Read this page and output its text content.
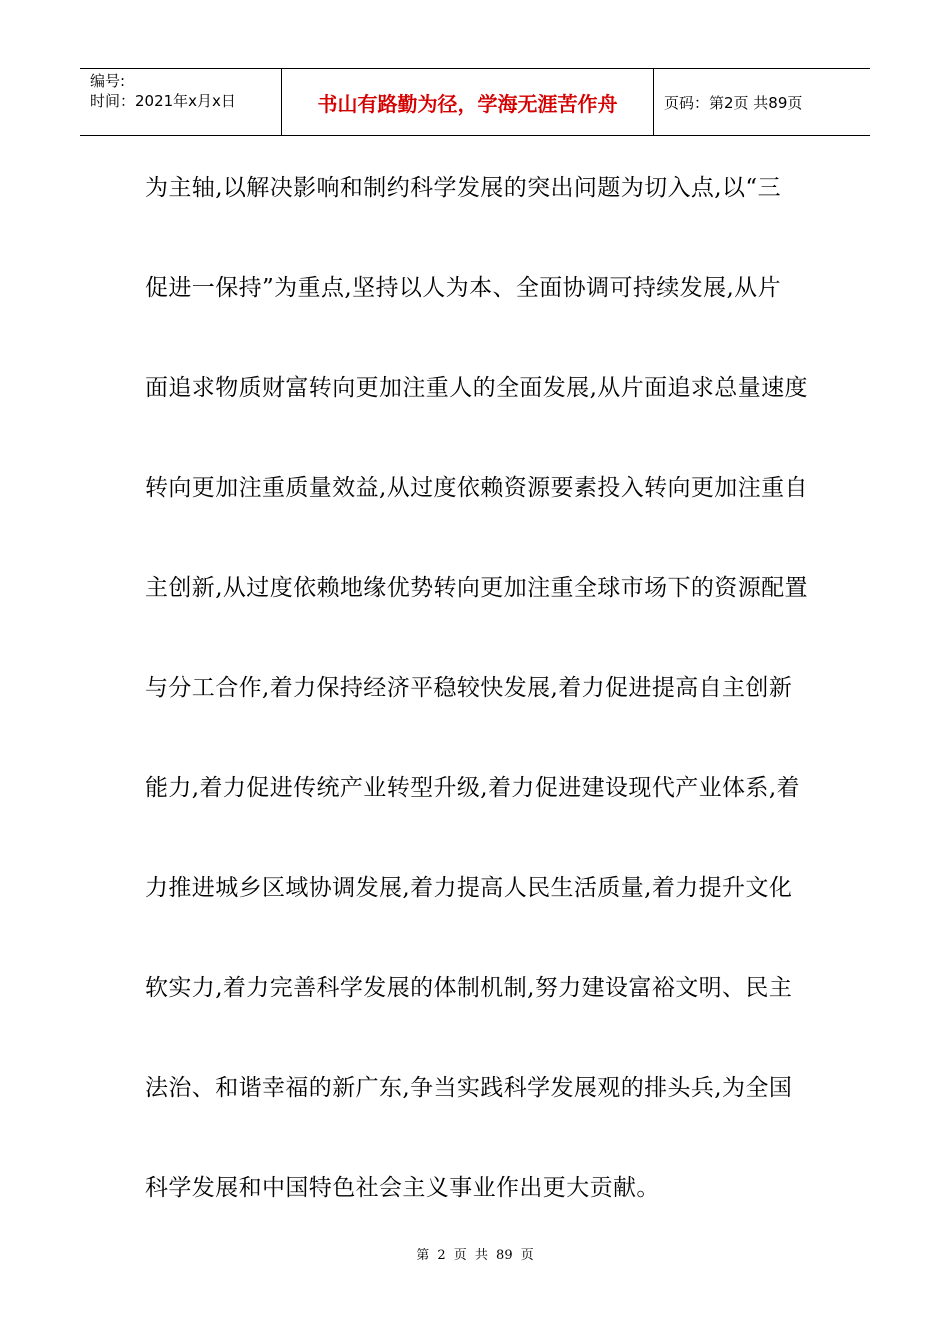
编号:
时间：2021年x月x日	书山有路勤为径，学海无涯苦作舟	页码：第2页 共89页
为主轴,以解决影响和制约科学发展的突出问题为切入点,以“三
促进一保持”为重点,坚持以人为本、全面协调可持续发展,从片
面追求物质财富转向更加注重人的全面发展,从片面追求总量速度
转向更加注重质量效益,从过度依赖资源要素投入转向更加注重自
主创新,从过度依赖地缘优势转向更加注重全球市场下的资源配置
与分工合作,着力保持经济平稳较快发展,着力促进提高自主创新
能力,着力促进传统产业转型升级,着力促进建设现代产业体系,着
力推进城乡区域协调发展,着力提高人民生活质量,着力提升文化
软实力,着力完善科学发展的体制机制,努力建设富裕文明、民主
法治、和谐幸福的新广东,争当实践科学发展观的排头兵,为全国
科学发展和中国特色社会主义事业作出更大贡献。
第 2 页 共 89 页
